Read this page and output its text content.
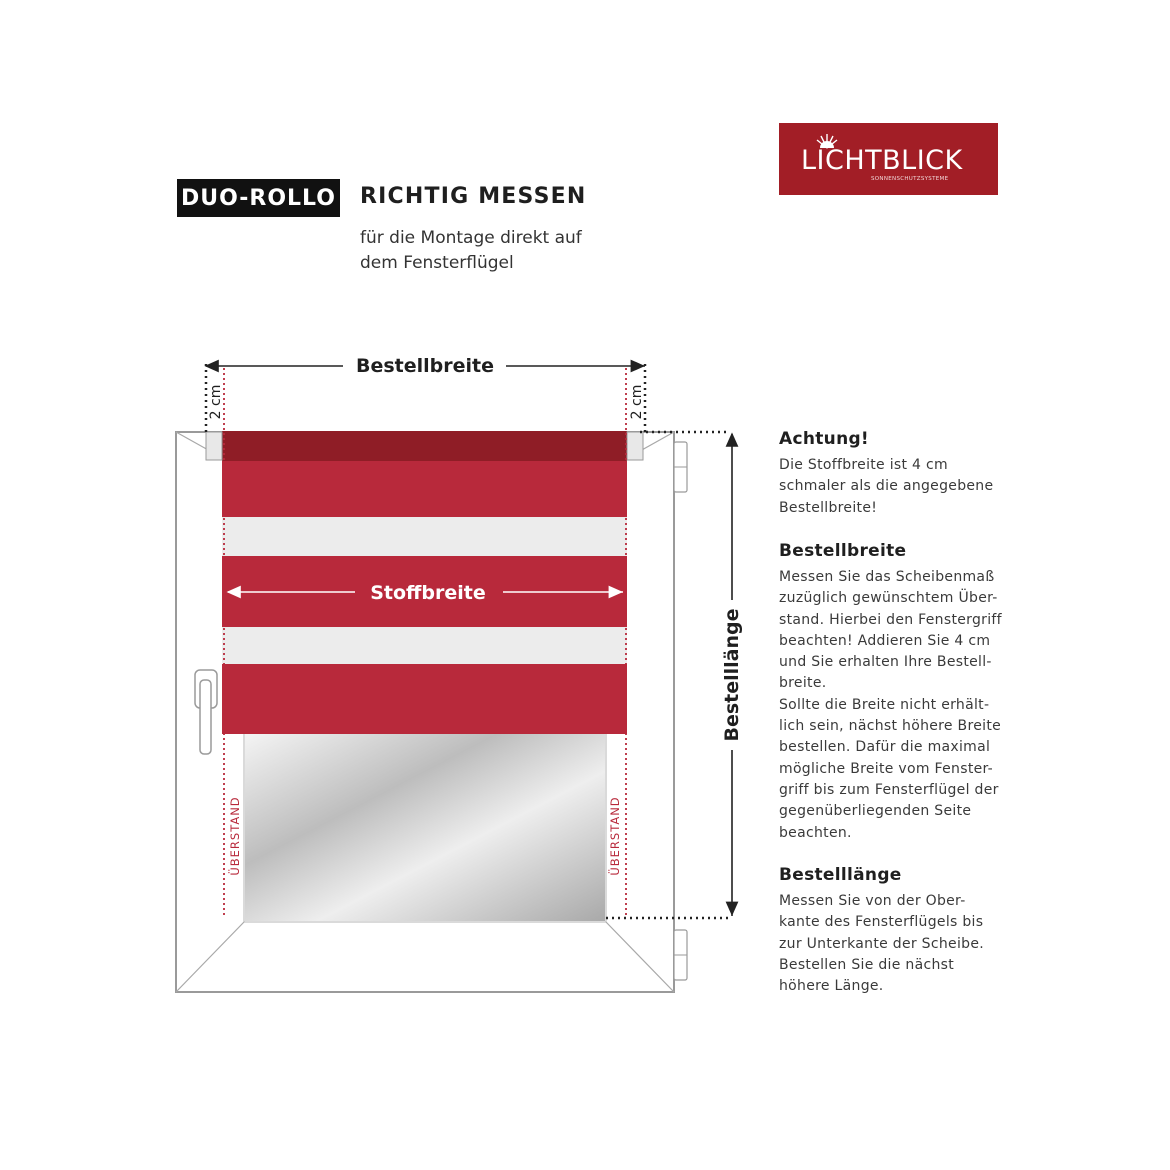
DUO-ROLLO RICHTIG MESSEN
für die Montage direkt auf
dem Fensterflügel
LICHTBLICK
SONNENSCHUTZSYSTEME
Stoffbreite
Bestellbreite
2 cm	2 cm
ÜBERSTAND	ÜBERSTAND
Bestelllänge
Achtung!

Die Stoffbreite ist 4 cm
schmaler als die angegebene
Bestellbreite!

Bestellbreite

Messen Sie das Scheibenmaß
zuzüglich gewünschtem Über-
stand. Hierbei den Fenstergriff
beachten! Addieren Sie 4 cm
und Sie erhalten Ihre Bestell-
breite.
Sollte die Breite nicht erhält-
lich sein, nächst höhere Breite
bestellen. Dafür die maximal
mögliche Breite vom Fenster-
griff bis zum Fensterflügel der
gegenüberliegenden Seite
beachten.

Bestelllänge

Messen Sie von der Ober-
kante des Fensterflügels bis
zur Unterkante der Scheibe.
Bestellen Sie die nächst
höhere Länge.
